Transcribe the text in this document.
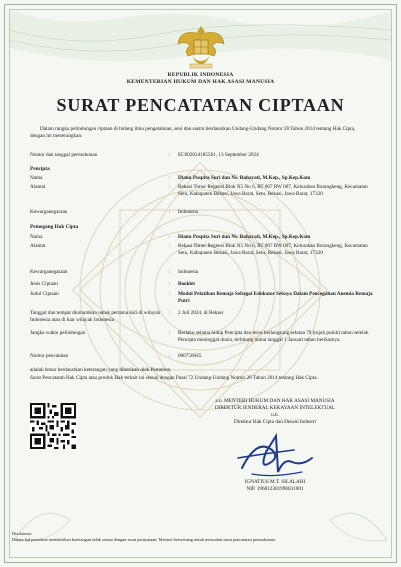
REPUBLIK INDONESIA
KEMENTERIAN HUKUM DAN HAK ASASI MANUSIA
SURAT PENCATATAN CIPTAAN
Dalam rangka pelindungan ciptaan di bidang ilmu pengetahuan, seni dan sastra berdasarkan Undang-Undang Nomor 28 Tahun 2014 tentang Hak Cipta, dengan ini menerangkan:
Nomor dan tanggal permohonan	:	EC002024185561, 13 September 2024
Pencipta
Nama	:	Dianu Puspita Suri dan Ns. Rohayati, M.Kep., Sp.Kep.Kom
Alamat	:	Bekasi Timur Regensi Blok N5 No 6, RT 007 RW 007, Kelurahan Burangkeng, Kecamatan Setu, Kabupaten Bekasi, Jawa Barat, Setu, Bekasi, Jawa Barat, 17320
Kewarganegaraan	:	Indonesia
Pemegang Hak Cipta
Nama	:	Dianu Puspita Suri dan Ns. Rohayati, M.Kep., Sp.Kep.Kom
Alamat	:	Bekasi Timur Regensi Blok N5 No 6, RT 007 RW 007, Kelurahan Burangkeng, Kecamatan Setu, Kabupaten Bekasi, Jawa Barat, Setu, Bekasi, Jawa Barat, 17320
Kewarganegaraan	:	Indonesia
Jenis Ciptaan	:	Booklet
Judul Ciptaan	:	Modul Pelatihan Remaja Sebagai Edukator Sebaya Dalam Pencegahan Anemia Remaja Putri
Tanggal dan tempat diumumkan untuk pertama kali di wilayah Indonesia atau di luar wilayah Indonesia
:	2 Juli 2024, di Bekasi
Jangka waktu pelindungan	:	Berlaku selama hidup Pencipta dan terus berlangsung selama 70 (tujuh puluh) tahun setelah Pencipta meninggal dunia, terhitung mulai tanggal 1 Januari tahun berikutnya.
Nomor pencatatan	:	000758045
adalah benar berdasarkan keterangan yang diberikan oleh Pemohon.
Surat Pencatatan Hak Cipta atau produk Hak terkait ini sesuai dengan Pasal 72 Undang-Undang Nomor 28 Tahun 2014 tentang Hak Cipta.
a.n. MENTERI HUKUM DAN HAK ASASI MANUSIA
DIREKTUR JENDERAL KEKAYAAN INTELEKTUAL
u.b.
Direktur Hak Cipta dan Desain Industri
IGNATIUS M.T. SILALAHI
NIP. 196812301996031001
Disclaimer:
Dalam hal pemohon memberikan keterangan tidak sesuai dengan surat pernyataan, Menteri berwenang untuk mencabut surat pencatatan permohonan.
